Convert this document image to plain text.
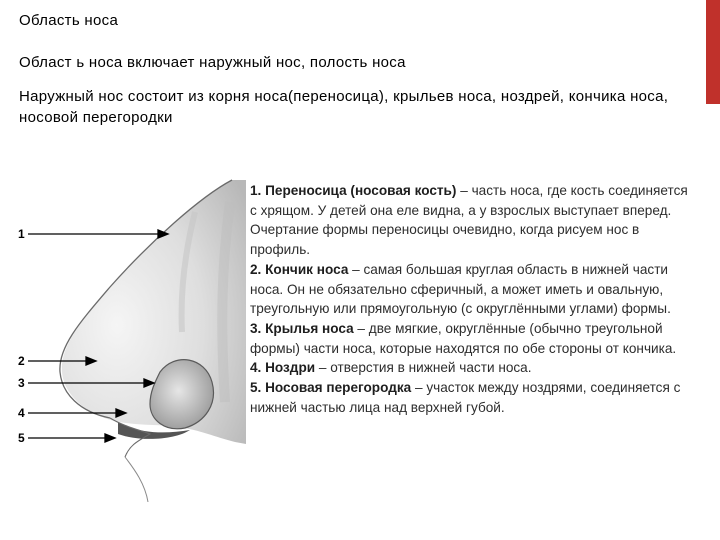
Область носа

Област ь носа включает наружный нос, полость носа

Наружный нос состоит из корня носа(переносица), крыльев носа, ноздрей, кончика носа, носовой перегородки

1
2
3
4
5

1. Переносица (носовая кость) – часть носа, где кость соединяется с хрящом. У детей она еле видна, а у взрослых выступает вперед. Очертание формы переносицы очевидно, когда рисуем нос в профиль.

2. Кончик носа – самая большая круглая область в нижней части носа. Он не обязательно сферичный, а может иметь и овальную, треугольную или прямоугольную (с округлёнными углами) формы.

3. Крылья носа – две мягкие, округлённые (обычно треугольной формы) части носа, которые находятся по обе стороны от кончика.

4. Ноздри – отверстия в нижней части носа.

5. Носовая перегородка – участок между ноздрями, соединяется с нижней частью лица над верхней губой.
